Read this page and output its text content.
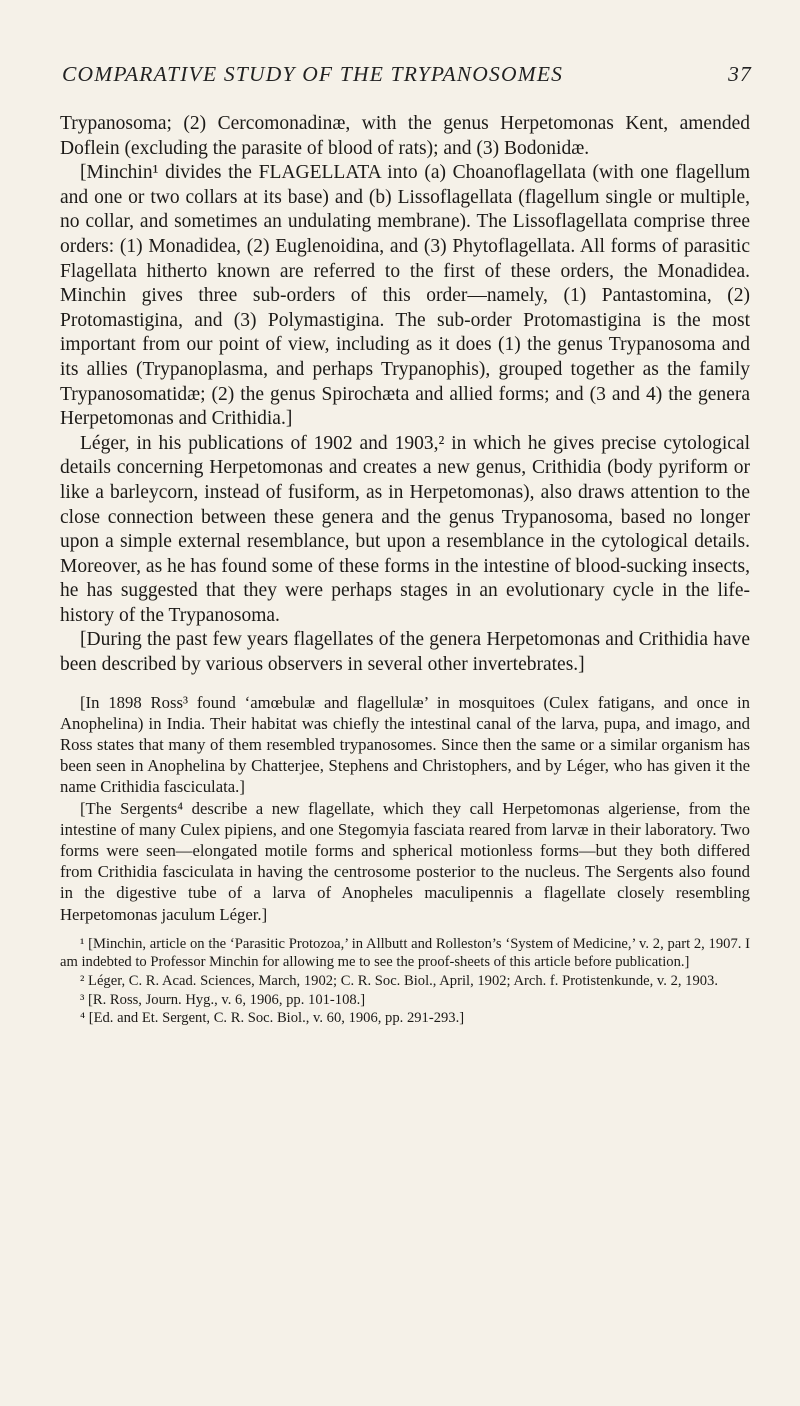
COMPARATIVE STUDY OF THE TRYPANOSOMES	37

Trypanosoma; (2) Cercomonadinæ, with the genus Herpetomonas Kent, amended Doflein (excluding the parasite of blood of rats); and (3) Bodonidæ.

[Minchin¹ divides the FLAGELLATA into (a) Choanoflagellata (with one flagellum and one or two collars at its base) and (b) Lissoflagellata (flagellum single or multiple, no collar, and sometimes an undulating membrane). The Lissoflagellata comprise three orders: (1) Monadidea, (2) Euglenoidina, and (3) Phytoflagellata. All forms of parasitic Flagellata hitherto known are referred to the first of these orders, the Monadidea. Minchin gives three sub-orders of this order—namely, (1) Pantastomina, (2) Protomastigina, and (3) Polymastigina. The sub-order Protomastigina is the most important from our point of view, including as it does (1) the genus Trypanosoma and its allies (Trypanoplasma, and perhaps Trypanophis), grouped together as the family Trypanosomatidæ; (2) the genus Spirochæta and allied forms; and (3 and 4) the genera Herpetomonas and Crithidia.]

Léger, in his publications of 1902 and 1903,² in which he gives precise cytological details concerning Herpetomonas and creates a new genus, Crithidia (body pyriform or like a barleycorn, instead of fusiform, as in Herpetomonas), also draws attention to the close connection between these genera and the genus Trypanosoma, based no longer upon a simple external resemblance, but upon a resemblance in the cytological details. Moreover, as he has found some of these forms in the intestine of blood-sucking insects, he has suggested that they were perhaps stages in an evolutionary cycle in the life-history of the Trypanosoma.

[During the past few years flagellates of the genera Herpetomonas and Crithidia have been described by various observers in several other invertebrates.]

[In 1898 Ross³ found ‘amœbulæ and flagellulæ’ in mosquitoes (Culex fatigans, and once in Anophelina) in India. Their habitat was chiefly the intestinal canal of the larva, pupa, and imago, and Ross states that many of them resembled trypanosomes. Since then the same or a similar organism has been seen in Anophelina by Chatterjee, Stephens and Christophers, and by Léger, who has given it the name Crithidia fasciculata.]

[The Sergents⁴ describe a new flagellate, which they call Herpetomonas algeriense, from the intestine of many Culex pipiens, and one Stegomyia fasciata reared from larvæ in their laboratory. Two forms were seen—elongated motile forms and spherical motionless forms—but they both differed from Crithidia fasciculata in having the centrosome posterior to the nucleus. The Sergents also found in the digestive tube of a larva of Anopheles maculipennis a flagellate closely resembling Herpetomonas jaculum Léger.]

¹ [Minchin, article on the ‘Parasitic Protozoa,’ in Allbutt and Rolleston’s ‘System of Medicine,’ v. 2, part 2, 1907. I am indebted to Professor Minchin for allowing me to see the proof-sheets of this article before publication.]

² Léger, C. R. Acad. Sciences, March, 1902; C. R. Soc. Biol., April, 1902; Arch. f. Protistenkunde, v. 2, 1903.

³ [R. Ross, Journ. Hyg., v. 6, 1906, pp. 101-108.]

⁴ [Ed. and Et. Sergent, C. R. Soc. Biol., v. 60, 1906, pp. 291-293.]
